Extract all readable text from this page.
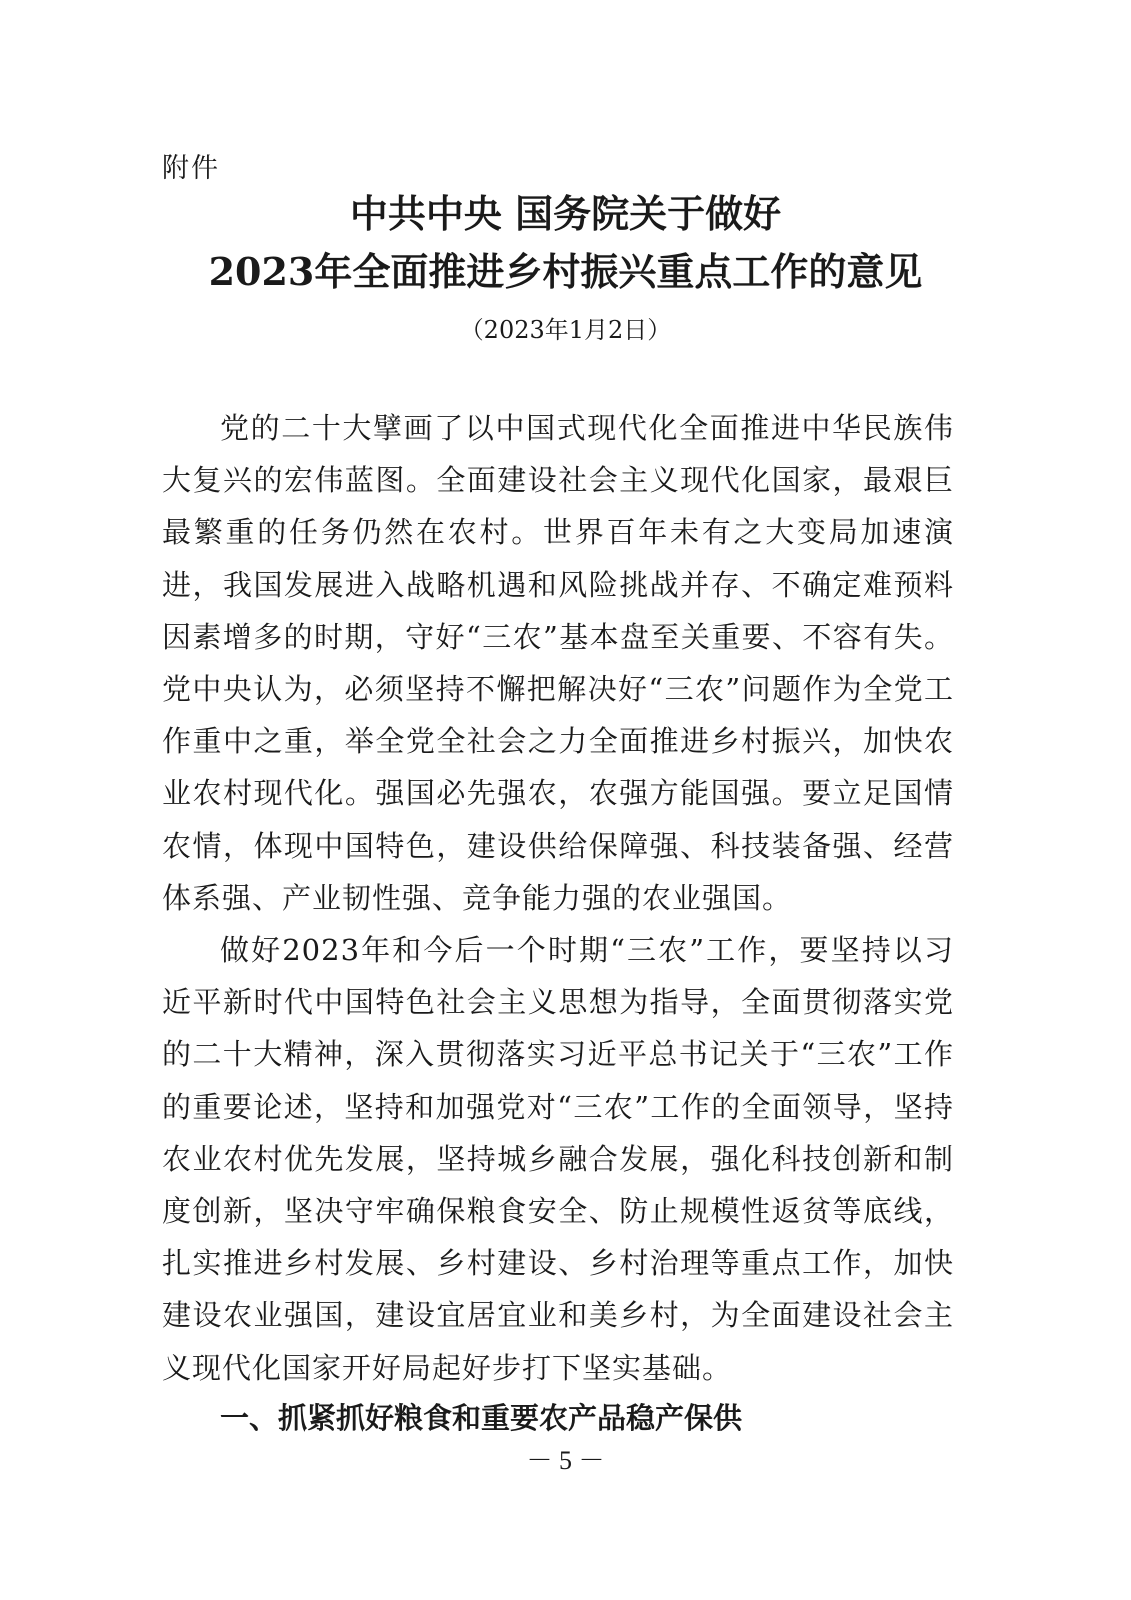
附件
中共中央 国务院关于做好
2023年全面推进乡村振兴重点工作的意见
（2023年1月2日）

党的二十大擘画了以中国式现代化全面推进中华民族伟大复兴的宏伟蓝图。全面建设社会主义现代化国家，最艰巨最繁重的任务仍然在农村。世界百年未有之大变局加速演进，我国发展进入战略机遇和风险挑战并存、不确定难预料因素增多的时期，守好“三农”基本盘至关重要、不容有失。党中央认为，必须坚持不懈把解决好“三农”问题作为全党工作重中之重，举全党全社会之力全面推进乡村振兴，加快农业农村现代化。强国必先强农，农强方能国强。要立足国情农情，体现中国特色，建设供给保障强、科技装备强、经营体系强、产业韧性强、竞争能力强的农业强国。

做好2023年和今后一个时期“三农”工作，要坚持以习近平新时代中国特色社会主义思想为指导，全面贯彻落实党的二十大精神，深入贯彻落实习近平总书记关于“三农”工作的重要论述，坚持和加强党对“三农”工作的全面领导，坚持农业农村优先发展，坚持城乡融合发展，强化科技创新和制度创新，坚决守牢确保粮食安全、防止规模性返贫等底线，扎实推进乡村发展、乡村建设、乡村治理等重点工作，加快建设农业强国，建设宜居宜业和美乡村，为全面建设社会主义现代化国家开好局起好步打下坚实基础。

一、抓紧抓好粮食和重要农产品稳产保供
－ 5 －
